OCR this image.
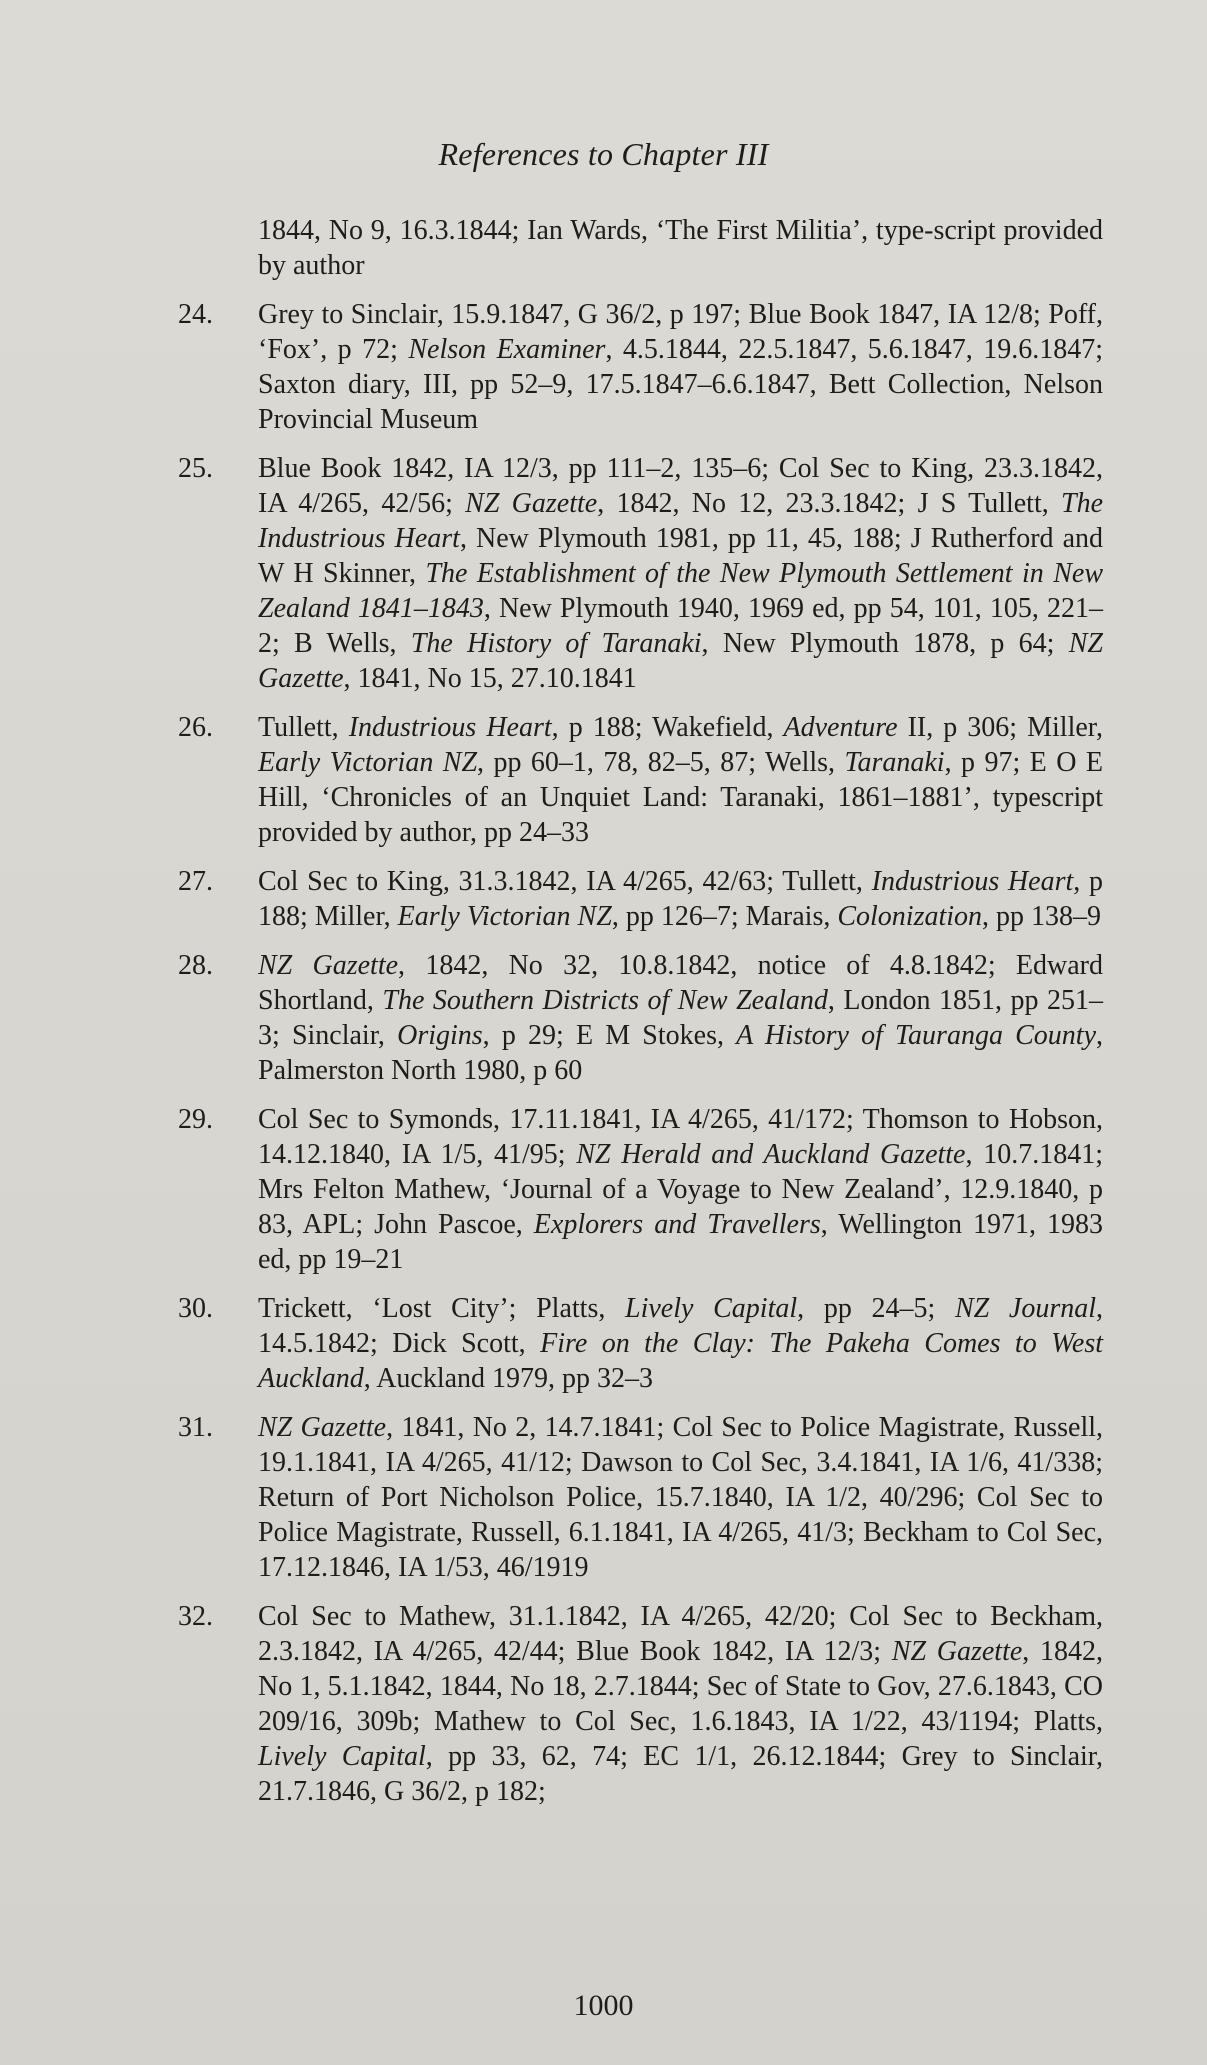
References to Chapter III
1844, No 9, 16.3.1844; Ian Wards, ‘The First Militia’, type-script provided by author
24.	Grey to Sinclair, 15.9.1847, G 36/2, p 197; Blue Book 1847, IA 12/8; Poff, ‘Fox’, p 72; Nelson Examiner, 4.5.1844, 22.5.1847, 5.6.1847, 19.6.1847; Saxton diary, III, pp 52–9, 17.5.1847–6.6.1847, Bett Collection, Nelson Provincial Museum
25.	Blue Book 1842, IA 12/3, pp 111–2, 135–6; Col Sec to King, 23.3.1842, IA 4/265, 42/56; NZ Gazette, 1842, No 12, 23.3.1842; J S Tullett, The Industrious Heart, New Plymouth 1981, pp 11, 45, 188; J Rutherford and W H Skinner, The Establishment of the New Plymouth Settlement in New Zealand 1841–1843, New Plymouth 1940, 1969 ed, pp 54, 101, 105, 221–2; B Wells, The History of Taranaki, New Plymouth 1878, p 64; NZ Gazette, 1841, No 15, 27.10.1841
26.	Tullett, Industrious Heart, p 188; Wakefield, Adventure II, p 306; Miller, Early Victorian NZ, pp 60–1, 78, 82–5, 87; Wells, Taranaki, p 97; E O E Hill, ‘Chronicles of an Unquiet Land: Taranaki, 1861–1881’, typescript provided by author, pp 24–33
27.	Col Sec to King, 31.3.1842, IA 4/265, 42/63; Tullett, Industrious Heart, p 188; Miller, Early Victorian NZ, pp 126–7; Marais, Colonization, pp 138–9
28.	NZ Gazette, 1842, No 32, 10.8.1842, notice of 4.8.1842; Edward Shortland, The Southern Districts of New Zealand, London 1851, pp 251–3; Sinclair, Origins, p 29; E M Stokes, A History of Tauranga County, Palmerston North 1980, p 60
29.	Col Sec to Symonds, 17.11.1841, IA 4/265, 41/172; Thomson to Hobson, 14.12.1840, IA 1/5, 41/95; NZ Herald and Auckland Gazette, 10.7.1841; Mrs Felton Mathew, ‘Journal of a Voyage to New Zealand’, 12.9.1840, p 83, APL; John Pascoe, Explorers and Travellers, Wellington 1971, 1983 ed, pp 19–21
30.	Trickett, ‘Lost City’; Platts, Lively Capital, pp 24–5; NZ Journal, 14.5.1842; Dick Scott, Fire on the Clay: The Pakeha Comes to West Auckland, Auckland 1979, pp 32–3
31.	NZ Gazette, 1841, No 2, 14.7.1841; Col Sec to Police Magistrate, Russell, 19.1.1841, IA 4/265, 41/12; Dawson to Col Sec, 3.4.1841, IA 1/6, 41/338; Return of Port Nicholson Police, 15.7.1840, IA 1/2, 40/296; Col Sec to Police Magistrate, Russell, 6.1.1841, IA 4/265, 41/3; Beckham to Col Sec, 17.12.1846, IA 1/53, 46/1919
32.	Col Sec to Mathew, 31.1.1842, IA 4/265, 42/20; Col Sec to Beckham, 2.3.1842, IA 4/265, 42/44; Blue Book 1842, IA 12/3; NZ Gazette, 1842, No 1, 5.1.1842, 1844, No 18, 2.7.1844; Sec of State to Gov, 27.6.1843, CO 209/16, 309b; Mathew to Col Sec, 1.6.1843, IA 1/22, 43/1194; Platts, Lively Capital, pp 33, 62, 74; EC 1/1, 26.12.1844; Grey to Sinclair, 21.7.1846, G 36/2, p 182;
1000
